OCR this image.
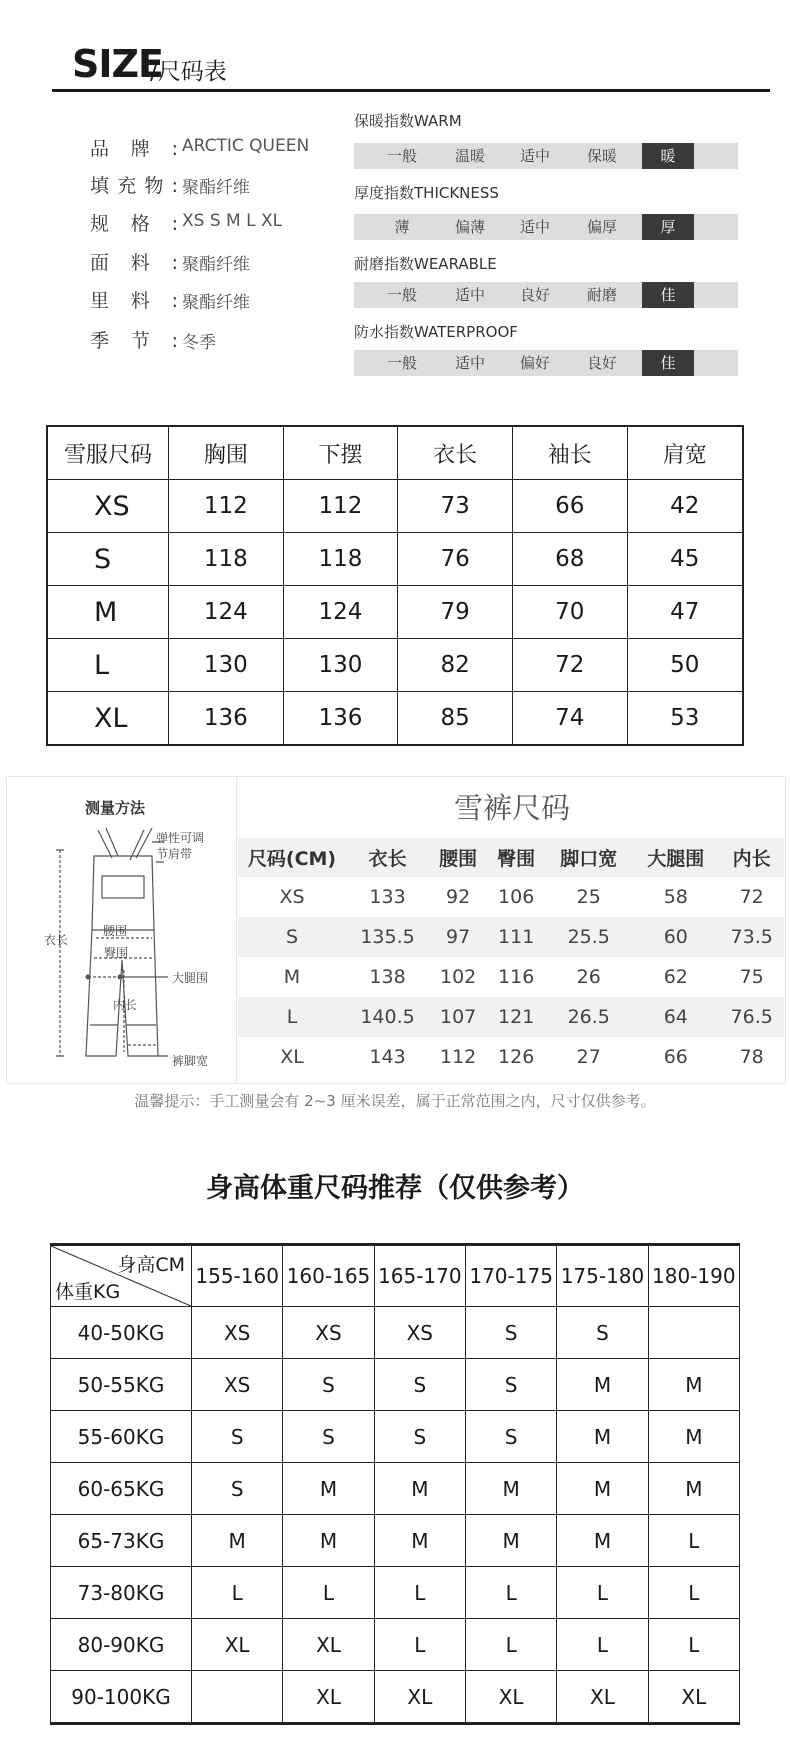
SIZE
/尺码表
品牌: ARCTIC QUEEN
填充物: 聚酯纤维
规格: XS S M L XL
面料: 聚酯纤维
里料: 聚酯纤维
季节: 冬季
保暖指数WARM
一般	温暖	适中	保暖	暖
厚度指数THICKNESS
薄	偏薄	适中	偏厚	厚
耐磨指数WEARABLE
一般	适中	良好	耐磨	佳
防水指数WATERPROOF
一般	适中	偏好	良好	佳
雪服尺码	胸围	下摆	衣长	袖长	肩宽
XS	112	112	73	66	42
S	118	118	76	68	45
M	124	124	79	70	47
L	130	130	82	72	50
XL	136	136	85	74	53
测量方法
弹性可调
节肩带
衣长
腰围
臀围
大腿围
内长
裤脚宽
雪裤尺码
尺码(CM)	衣长	腰围	臀围	脚口宽	大腿围	内长
XS	133	92	106	25	58	72
S	135.5	97	111	25.5	60	73.5
M	138	102	116	26	62	75
L	140.5	107	121	26.5	64	76.5
XL	143	112	126	27	66	78
温馨提示：手工测量会有 2~3 厘米误差，属于正常范围之内，尺寸仅供参考。
身高体重尺码推荐（仅供参考）
身高CM
体重KG	155-160	160-165	165-170	170-175	175-180	180-190
40-50KG	XS	XS	XS	S	S	
50-55KG	XS	S	S	S	M	M
55-60KG	S	S	S	S	M	M
60-65KG	S	M	M	M	M	M
65-73KG	M	M	M	M	M	L
73-80KG	L	L	L	L	L	L
80-90KG	XL	XL	L	L	L	L
90-100KG		XL	XL	XL	XL	XL
